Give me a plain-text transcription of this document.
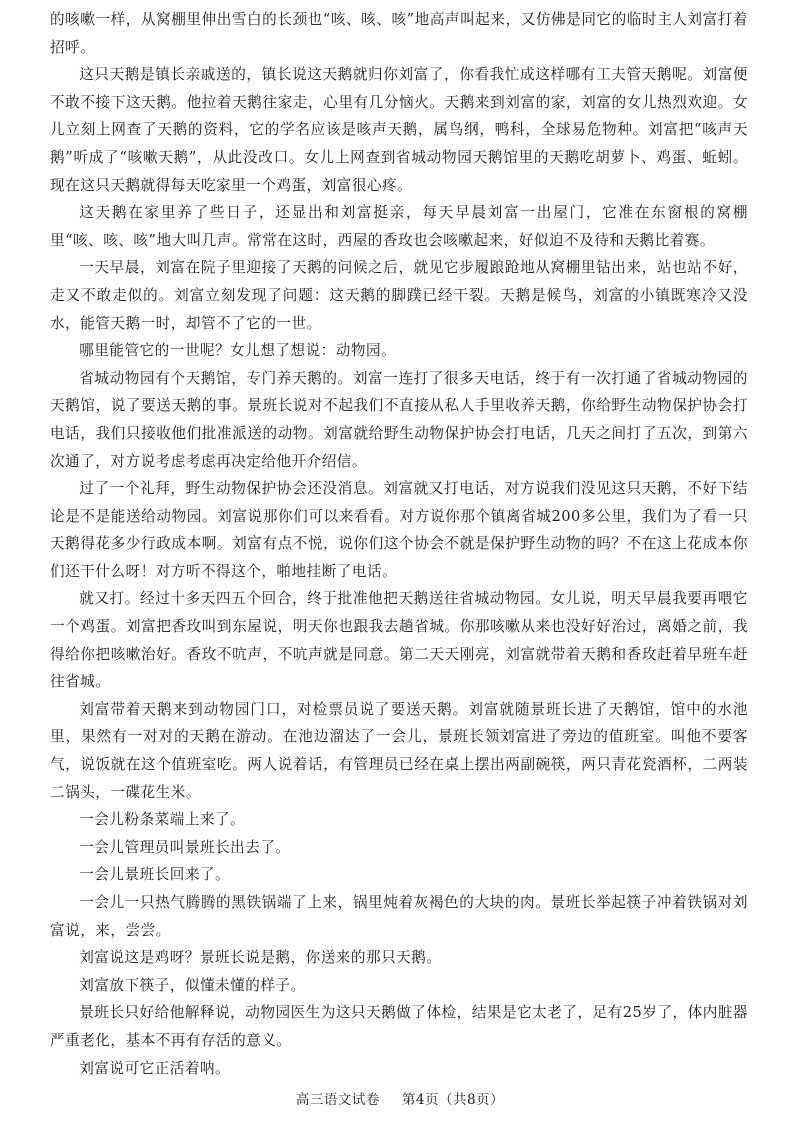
的咳嗽一样，从窝棚里伸出雪白的长颈也“咳、咳、咳”地高声叫起来，又仿佛是同它的临时主人刘富打着招呼。

这只天鹅是镇长亲戚送的，镇长说这天鹅就归你刘富了，你看我忙成这样哪有工夫管天鹅呢。刘富便不敢不接下这天鹅。他拉着天鹅往家走，心里有几分恼火。天鹅来到刘富的家，刘富的女儿热烈欢迎。女儿立刻上网查了天鹅的资料，它的学名应该是咳声天鹅，属鸟纲，鸭科，全球易危物种。刘富把“咳声天鹅”听成了“咳嗽天鹅”，从此没改口。女儿上网查到省城动物园天鹅馆里的天鹅吃胡萝卜、鸡蛋、蚯蚓。现在这只天鹅就得每天吃家里一个鸡蛋，刘富很心疼。

这天鹅在家里养了些日子，还显出和刘富挺亲，每天早晨刘富一出屋门，它准在东窗根的窝棚里“咳、咳、咳”地大叫几声。常常在这时，西屋的香玫也会咳嗽起来，好似迫不及待和天鹅比着赛。

一天早晨，刘富在院子里迎接了天鹅的问候之后，就见它步履踉跄地从窝棚里钻出来，站也站不好，走又不敢走似的。刘富立刻发现了问题：这天鹅的脚蹼已经干裂。天鹅是候鸟，刘富的小镇既寒冷又没水，能管天鹅一时，却管不了它的一世。

哪里能管它的一世呢？女儿想了想说：动物园。

省城动物园有个天鹅馆，专门养天鹅的。刘富一连打了很多天电话，终于有一次打通了省城动物园的天鹅馆，说了要送天鹅的事。景班长说对不起我们不直接从私人手里收养天鹅，你给野生动物保护协会打电话，我们只接收他们批准派送的动物。刘富就给野生动物保护协会打电话，几天之间打了五次，到第六次通了，对方说考虑考虑再决定给他开介绍信。

过了一个礼拜，野生动物保护协会还没消息。刘富就又打电话，对方说我们没见这只天鹅，不好下结论是不是能送给动物园。刘富说那你们可以来看看。对方说你那个镇离省城200多公里，我们为了看一只天鹅得花多少行政成本啊。刘富有点不悦，说你们这个协会不就是保护野生动物的吗？不在这上花成本你们还干什么呀！对方听不得这个，啪地挂断了电话。

就又打。经过十多天四五个回合，终于批准他把天鹅送往省城动物园。女儿说，明天早晨我要再喂它一个鸡蛋。刘富把香玫叫到东屋说，明天你也跟我去趟省城。你那咳嗽从来也没好好治过，离婚之前，我得给你把咳嗽治好。香玫不吭声，不吭声就是同意。第二天天刚亮，刘富就带着天鹅和香玫赶着早班车赶往省城。

刘富带着天鹅来到动物园门口，对检票员说了要送天鹅。刘富就随景班长进了天鹅馆，馆中的水池里，果然有一对对的天鹅在游动。在池边溜达了一会儿，景班长领刘富进了旁边的值班室。叫他不要客气，说饭就在这个值班室吃。两人说着话，有管理员已经在桌上摆出两副碗筷，两只青花瓷酒杯，二两装二锅头，一碟花生米。

一会儿粉条菜端上来了。

一会儿管理员叫景班长出去了。

一会儿景班长回来了。

一会儿一只热气腾腾的黑铁锅端了上来，锅里炖着灰褐色的大块的肉。景班长举起筷子冲着铁锅对刘富说，来，尝尝。

刘富说这是鸡呀？景班长说是鹅，你送来的那只天鹅。

刘富放下筷子，似懂未懂的样子。

景班长只好给他解释说，动物园医生为这只天鹅做了体检，结果是它太老了，足有25岁了，体内脏器严重老化，基本不再有存活的意义。

刘富说可它正活着呐。

高三语文试卷 第4页（共8页）
